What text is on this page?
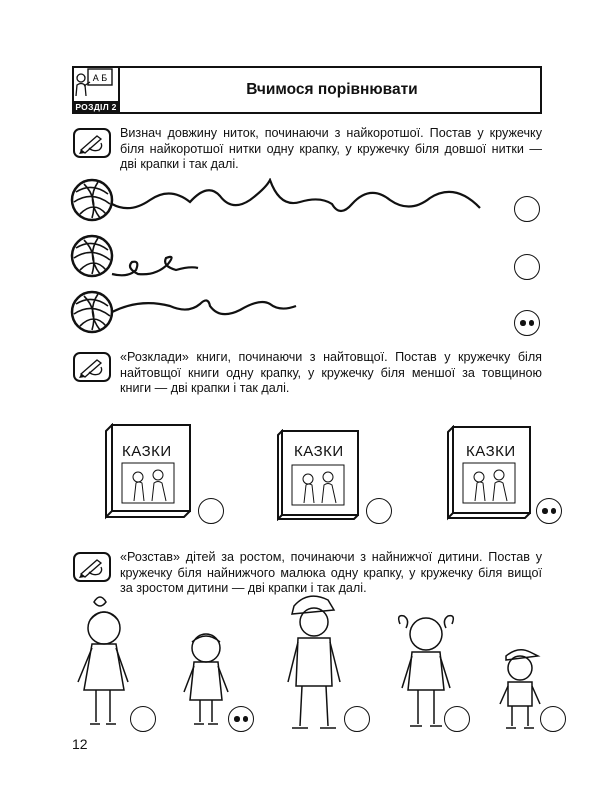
А Б
РОЗДІЛ 2
Вчимося порівнювати
Визнач довжину ниток, починаючи з найкоротшої. Постав у кружечку біля найкоротшої нитки одну крапку, у кружечку біля довшої нитки — дві крапки і так далі.
«Розклади» книги, починаючи з найтовщої. Постав у кружечку біля найтовщої книги одну крапку, у кружечку біля меншої за товщиною книги — дві крапки і так далі.
КАЗКИ	КАЗКИ	КАЗКИ
«Розстав» дітей за ростом, починаючи з найнижчої дитини. Постав у кружечку біля найнижчого малюка одну крапку, у кружечку біля вищої за зростом дитини — дві крапки і так далі.
12
